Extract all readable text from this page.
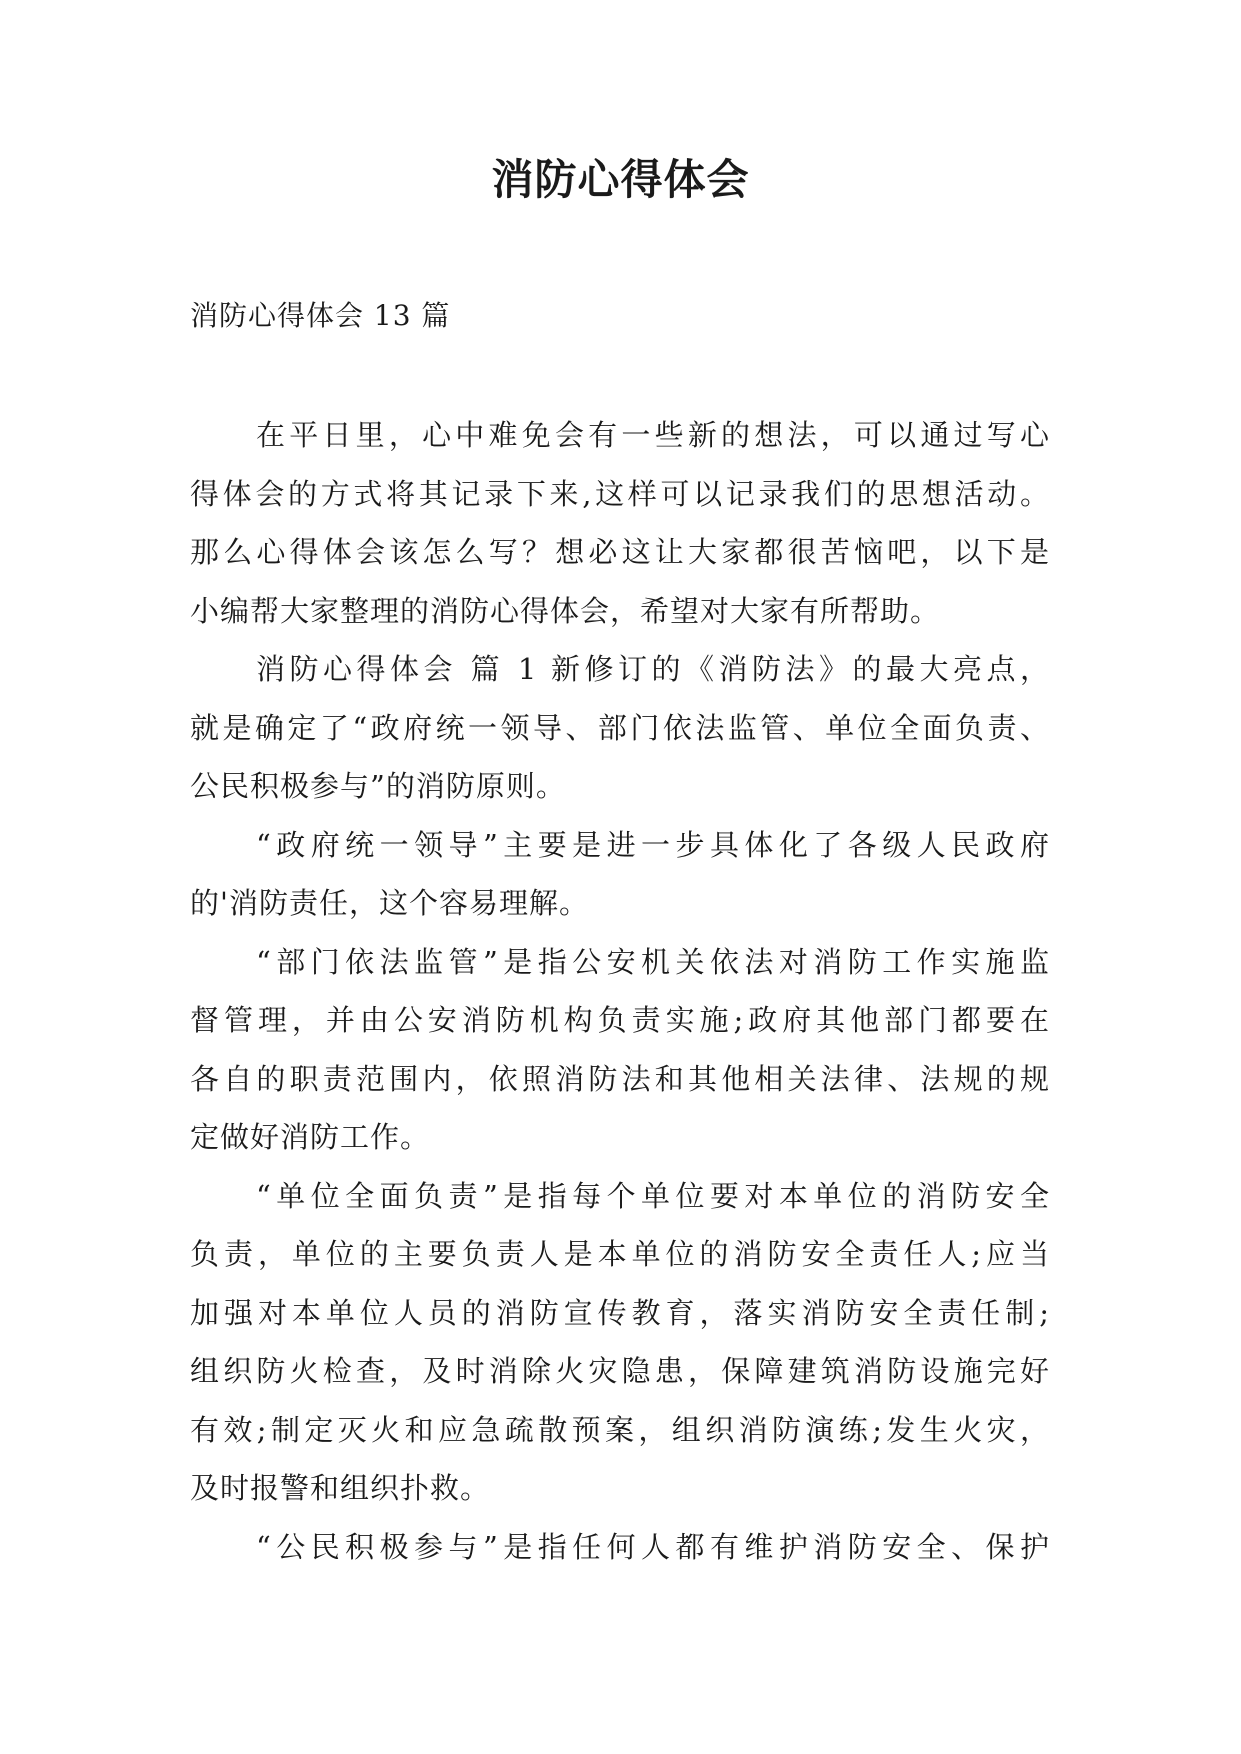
消防心得体会
消防心得体会 13 篇
在平日里，心中难免会有一些新的想法，可以通过写心
得体会的方式将其记录下来,这样可以记录我们的思想活动。
那么心得体会该怎么写？想必这让大家都很苦恼吧，以下是
小编帮大家整理的消防心得体会，希望对大家有所帮助。
消防心得体会 篇 1 新修订的《消防法》的最大亮点，
就是确定了“政府统一领导、部门依法监管、单位全面负责、
公民积极参与”的消防原则。
“政府统一领导”主要是进一步具体化了各级人民政府
的'消防责任，这个容易理解。
“部门依法监管”是指公安机关依法对消防工作实施监
督管理，并由公安消防机构负责实施;政府其他部门都要在
各自的职责范围内，依照消防法和其他相关法律、法规的规
定做好消防工作。
“单位全面负责”是指每个单位要对本单位的消防安全
负责，单位的主要负责人是本单位的消防安全责任人;应当
加强对本单位人员的消防宣传教育，落实消防安全责任制;
组织防火检查，及时消除火灾隐患，保障建筑消防设施完好
有效;制定灭火和应急疏散预案，组织消防演练;发生火灾，
及时报警和组织扑救。
“公民积极参与”是指任何人都有维护消防安全、保护
